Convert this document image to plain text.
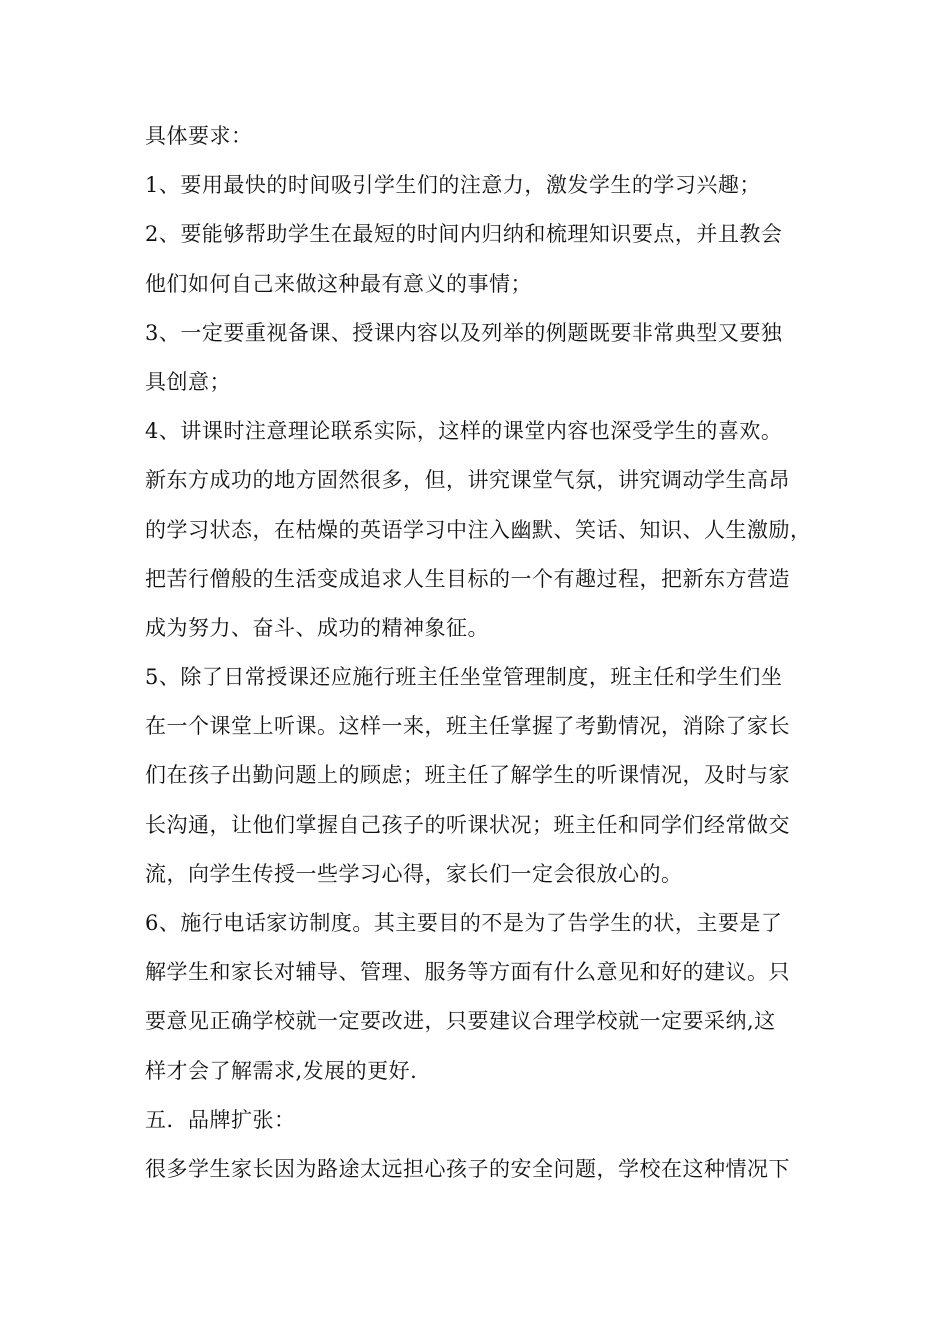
具体要求：
1、要用最快的时间吸引学生们的注意力，激发学生的学习兴趣；
2、要能够帮助学生在最短的时间内归纳和梳理知识要点，并且教会
他们如何自己来做这种最有意义的事情；
3、一定要重视备课、授课内容以及列举的例题既要非常典型又要独
具创意；
4、讲课时注意理论联系实际，这样的课堂内容也深受学生的喜欢。
新东方成功的地方固然很多，但，讲究课堂气氛，讲究调动学生高昂
的学习状态，在枯燥的英语学习中注入幽默、笑话、知识、人生激励，
把苦行僧般的生活变成追求人生目标的一个有趣过程，把新东方营造
成为努力、奋斗、成功的精神象征。
5、除了日常授课还应施行班主任坐堂管理制度，班主任和学生们坐
在一个课堂上听课。这样一来，班主任掌握了考勤情况，消除了家长
们在孩子出勤问题上的顾虑；班主任了解学生的听课情况，及时与家
长沟通，让他们掌握自己孩子的听课状况；班主任和同学们经常做交
流，向学生传授一些学习心得，家长们一定会很放心的。
6、施行电话家访制度。其主要目的不是为了告学生的状，主要是了
解学生和家长对辅导、管理、服务等方面有什么意见和好的建议。只
要意见正确学校就一定要改进，只要建议合理学校就一定要采纳,这
样才会了解需求,发展的更好.
五．品牌扩张：
很多学生家长因为路途太远担心孩子的安全问题，学校在这种情况下
